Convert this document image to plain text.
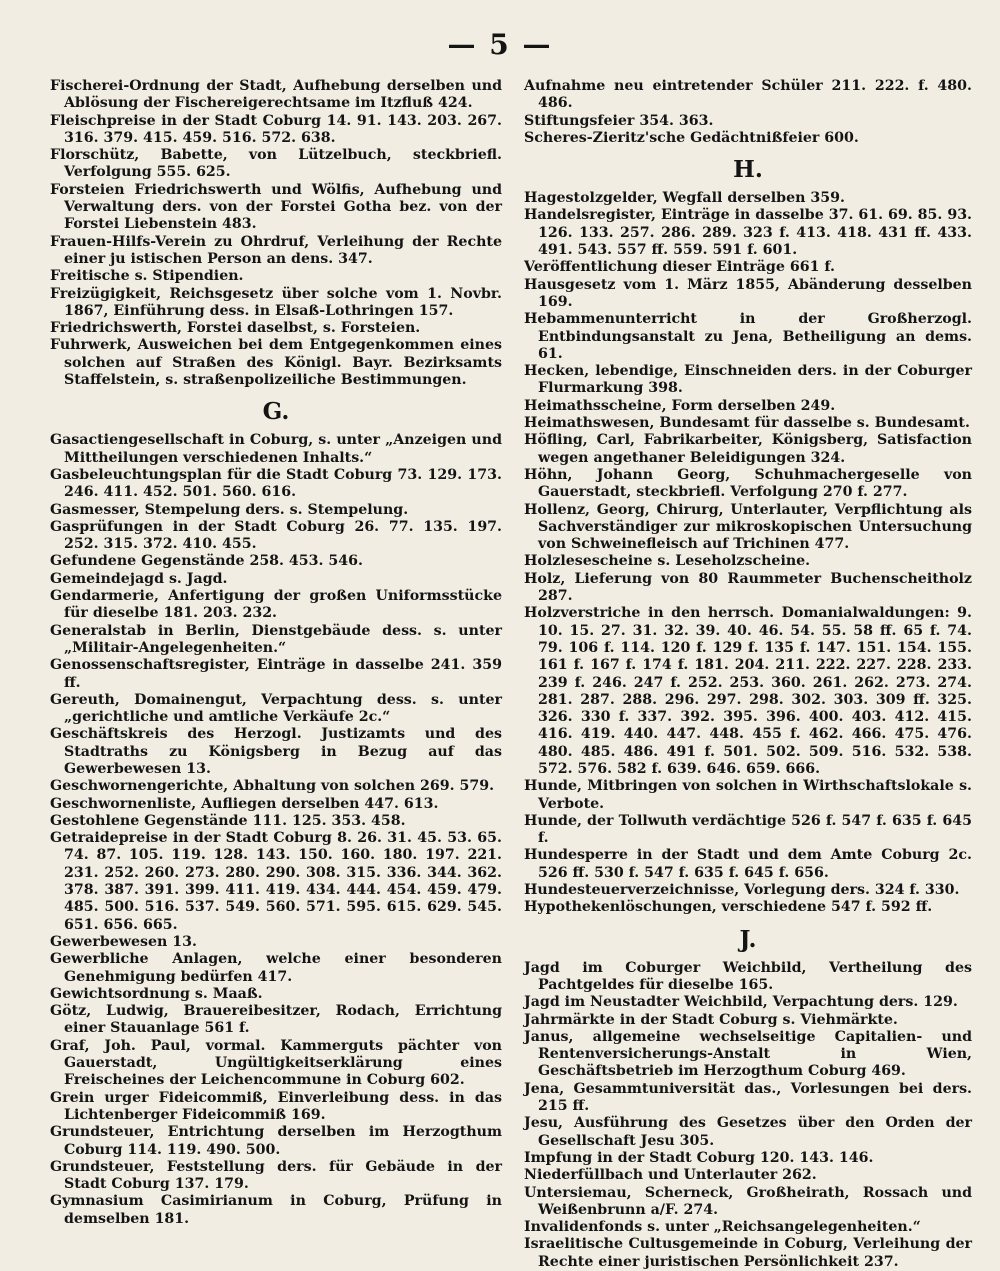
— 5 —

Fischerei-Ordnung der Stadt, Aufhebung derselben und Ablösung der Fischereigerechtsame im Itzfluß 424.

Fleischpreise in der Stadt Coburg 14. 91. 143. 203. 267. 316. 379. 415. 459. 516. 572. 638.

Florschütz, Babette, von Lützelbuch, steckbriefl. Verfolgung 555. 625.

Forsteien Friedrichswerth und Wölfis, Aufhebung und Verwaltung ders. von der Forstei Gotha bez. von der Forstei Liebenstein 483.

Frauen-Hilfs-Verein zu Ohrdruf, Verleihung der Rechte einer ju istischen Person an dens. 347.

Freitische s. Stipendien.

Freizügigkeit, Reichsgesetz über solche vom 1. Novbr. 1867, Einführung dess. in Elsaß-Lothringen 157.

Friedrichswerth, Forstei daselbst, s. Forsteien.

Fuhrwerk, Ausweichen bei dem Entgegenkommen eines solchen auf Straßen des Königl. Bayr. Bezirksamts Staffelstein, s. straßenpolizeiliche Bestimmungen.

G.

Gasactiengesellschaft in Coburg, s. unter „Anzeigen und Mittheilungen verschiedenen Inhalts.“

Gasbeleuchtungsplan für die Stadt Coburg 73. 129. 173. 246. 411. 452. 501. 560. 616.

Gasmesser, Stempelung ders. s. Stempelung.

Gasprüfungen in der Stadt Coburg 26. 77. 135. 197. 252. 315. 372. 410. 455.

Gefundene Gegenstände 258. 453. 546.

Gemeindejagd s. Jagd.

Gendarmerie, Anfertigung der großen Uniformsstücke für dieselbe 181. 203. 232.

Generalstab in Berlin, Dienstgebäude dess. s. unter „Militair-Angelegenheiten.“

Genossenschaftsregister, Einträge in dasselbe 241. 359 ff.

Gereuth, Domainengut, Verpachtung dess. s. unter „gerichtliche und amtliche Verkäufe 2c.“

Geschäftskreis des Herzogl. Justizamts und des Stadtraths zu Königsberg in Bezug auf das Gewerbewesen 13.

Geschwornengerichte, Abhaltung von solchen 269. 579.

Geschwornenliste, Aufliegen derselben 447. 613.

Gestohlene Gegenstände 111. 125. 353. 458.

Getraidepreise in der Stadt Coburg 8. 26. 31. 45. 53. 65. 74. 87. 105. 119. 128. 143. 150. 160. 180. 197. 221. 231. 252. 260. 273. 280. 290. 308. 315. 336. 344. 362. 378. 387. 391. 399. 411. 419. 434. 444. 454. 459. 479. 485. 500. 516. 537. 549. 560. 571. 595. 615. 629. 545. 651. 656. 665.

Gewerbewesen 13.

Gewerbliche Anlagen, welche einer besonderen Genehmigung bedürfen 417.

Gewichtsordnung s. Maaß.

Götz, Ludwig, Brauereibesitzer, Rodach, Errichtung einer Stauanlage 561 f.

Graf, Joh. Paul, vormal. Kammerguts pächter von Gauerstadt, Ungültigkeitserklärung eines Freischeines der Leichencommune in Coburg 602.

Grein urger Fideicommiß, Einverleibung dess. in das Lichtenberger Fideicommiß 169.

Grundsteuer, Entrichtung derselben im Herzogthum Coburg 114. 119. 490. 500.

Grundsteuer, Feststellung ders. für Gebäude in der Stadt Coburg 137. 179.

Gymnasium Casimirianum in Coburg, Prüfung in demselben 181.

Aufnahme neu eintretender Schüler 211. 222. f. 480. 486.

Stiftungsfeier 354. 363.

Scheres-Zieritz'sche Gedächtnißfeier 600.

H.

Hagestolzgelder, Wegfall derselben 359.

Handelsregister, Einträge in dasselbe 37. 61. 69. 85. 93. 126. 133. 257. 286. 289. 323 f. 413. 418. 431 ff. 433. 491. 543. 557 ff. 559. 591 f. 601.

Veröffentlichung dieser Einträge 661 f.

Hausgesetz vom 1. März 1855, Abänderung desselben 169.

Hebammenunterricht in der Großherzogl. Entbindungsanstalt zu Jena, Betheiligung an dems. 61.

Hecken, lebendige, Einschneiden ders. in der Coburger Flurmarkung 398.

Heimathsscheine, Form derselben 249.

Heimathswesen, Bundesamt für dasselbe s. Bundesamt.

Höfling, Carl, Fabrikarbeiter, Königsberg, Satisfaction wegen angethaner Beleidigungen 324.

Höhn, Johann Georg, Schuhmachergeselle von Gauerstadt, steckbriefl. Verfolgung 270 f. 277.

Hollenz, Georg, Chirurg, Unterlauter, Verpflichtung als Sachverständiger zur mikroskopischen Untersuchung von Schweinefleisch auf Trichinen 477.

Holzlesescheine s. Leseholzscheine.

Holz, Lieferung von 80 Raummeter Buchenscheitholz 287.

Holzverstriche in den herrsch. Domanialwaldungen: 9. 10. 15. 27. 31. 32. 39. 40. 46. 54. 55. 58 ff. 65 f. 74. 79. 106 f. 114. 120 f. 129 f. 135 f. 147. 151. 154. 155. 161 f. 167 f. 174 f. 181. 204. 211. 222. 227. 228. 233. 239 f. 246. 247 f. 252. 253. 360. 261. 262. 273. 274. 281. 287. 288. 296. 297. 298. 302. 303. 309 ff. 325. 326. 330 f. 337. 392. 395. 396. 400. 403. 412. 415. 416. 419. 440. 447. 448. 455 f. 462. 466. 475. 476. 480. 485. 486. 491 f. 501. 502. 509. 516. 532. 538. 572. 576. 582 f. 639. 646. 659. 666.

Hunde, Mitbringen von solchen in Wirthschaftslokale s. Verbote.

Hunde, der Tollwuth verdächtige 526 f. 547 f. 635 f. 645 f.

Hundesperre in der Stadt und dem Amte Coburg 2c. 526 ff. 530 f. 547 f. 635 f. 645 f. 656.

Hundesteuerverzeichnisse, Vorlegung ders. 324 f. 330.

Hypothekenlöschungen, verschiedene 547 f. 592 ff.

J.

Jagd im Coburger Weichbild, Vertheilung des Pachtgeldes für dieselbe 165.

Jagd im Neustadter Weichbild, Verpachtung ders. 129.

Jahrmärkte in der Stadt Coburg s. Viehmärkte.

Janus, allgemeine wechselseitige Capitalien- und Rentenversicherungs-Anstalt in Wien, Geschäftsbetrieb im Herzogthum Coburg 469.

Jena, Gesammtuniversität das., Vorlesungen bei ders. 215 ff.

Jesu, Ausführung des Gesetzes über den Orden der Gesellschaft Jesu 305.

Impfung in der Stadt Coburg 120. 143. 146.

Niederfüllbach und Unterlauter 262.

Untersiemau, Scherneck, Großheirath, Rossach und Weißenbrunn a/F. 274.

Invalidenfonds s. unter „Reichsangelegenheiten.“

Israelitische Cultusgemeinde in Coburg, Verleihung der Rechte einer juristischen Persönlichkeit 237.
